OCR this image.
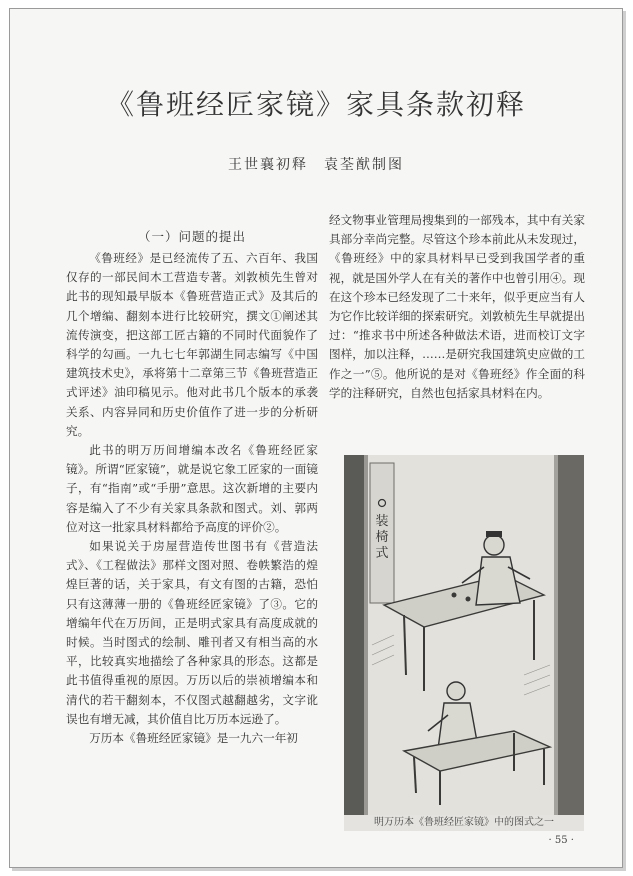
《鲁班经匠家镜》家具条款初释
王世襄初释　袁荃猷制图
（一）问题的提出

《鲁班经》是已经流传了五、六百年、我国仅存的一部民间木工营造专著。刘敦桢先生曾对此书的现知最早版本《鲁班营造正式》及其后的几个增编、翻刻本进行比较研究，撰文①阐述其流传演变，把这部工匠古籍的不同时代面貌作了科学的勾画。一九七七年郭湖生同志编写《中国建筑技术史》，承将第十二章第三节《鲁班营造正式评述》油印稿见示。他对此书几个版本的承袭关系、内容异同和历史价值作了进一步的分析研究。

此书的明万历间增编本改名《鲁班经匠家镜》。所谓“匠家镜”，就是说它象工匠家的一面镜子，有“指南”或“手册”意思。这次新增的主要内容是编入了不少有关家具条款和图式。刘、郭两位对这一批家具材料都给予高度的评价②。

如果说关于房屋营造传世图书有《营造法式》、《工程做法》那样文图对照、卷帙繁浩的煌煌巨著的话，关于家具，有文有图的古籍，恐怕只有这薄薄一册的《鲁班经匠家镜》了③。它的增编年代在万历间，正是明式家具有高度成就的时候。当时图式的绘制、雕刊者又有相当高的水平，比较真实地描绘了各种家具的形态。这都是此书值得重视的原因。万历以后的崇祯增编本和清代的若干翻刻本，不仅图式越翻越劣，文字讹误也有增无减，其价值自比万历本远逊了。

万历本《鲁班经匠家镜》是一九六一年初

经文物事业管理局搜集到的一部残本，其中有关家具部分幸尚完整。尽管这个珍本前此从未发现过，《鲁班经》中的家具材料早已受到我国学者的重视，就是国外学人在有关的著作中也曾引用④。现在这个珍本已经发现了二十来年，似乎更应当有人为它作比较详细的探索研究。刘敦桢先生早就提出过：“推求书中所述各种做法术语，进而校订文字图样，加以注释，……是研究我国建筑史应做的工作之一”⑤。他所说的是对《鲁班经》作全面的科学的注释研究，自然也包括家具材料在内。

装
椅
式
明万历本《鲁班经匠家镜》中的图式之一
· 55 ·
